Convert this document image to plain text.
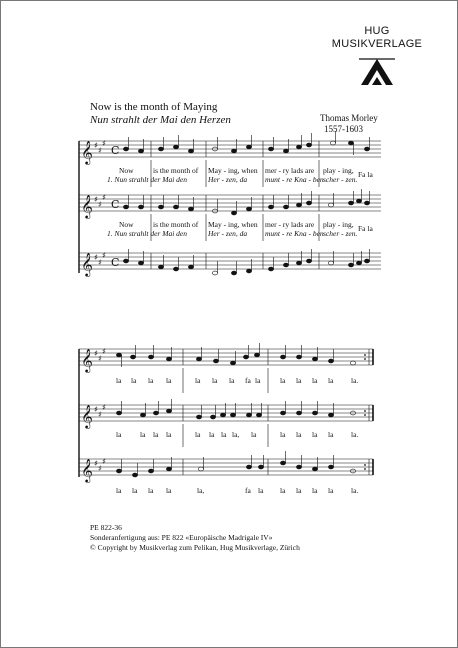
HUG
MUSIKVERLAGE
Now is the month of Maying
Nun strahlt der Mai den Herzen	Thomas Morley
1557-1603
𝄞
𝄞
𝄞
♯
♯
♯
♯
♯
♯
♯
♯
♯
C
C
C
Now	is the month of May - ing, when mer - ry lads are play - ing, Fa la
1. Nun strahlt der Mai den	Her - zen, da munt - re Kna - ben scher - zen.
Now	is the month of May - ing, when mer - ry lads are play - ing, Fa la
1. Nun strahlt der Mai den	Her - zen, da munt - re Kna - ben scher - zen.
𝄞
𝄞
𝄞
♯
♯
♯
♯
♯
♯
♯
♯
♯
la la la la	la la la fa la	la la la la la.
la la la la	la la la la, la	la la la la la.
la la la la	la,	fa la la la la la la.
PE 822-36
Sonderanfertigung aus: PE 822 «Europäische Madrigale IV»
© Copyright by Musikverlag zum Pelikan, Hug Musikverlage, Zürich
